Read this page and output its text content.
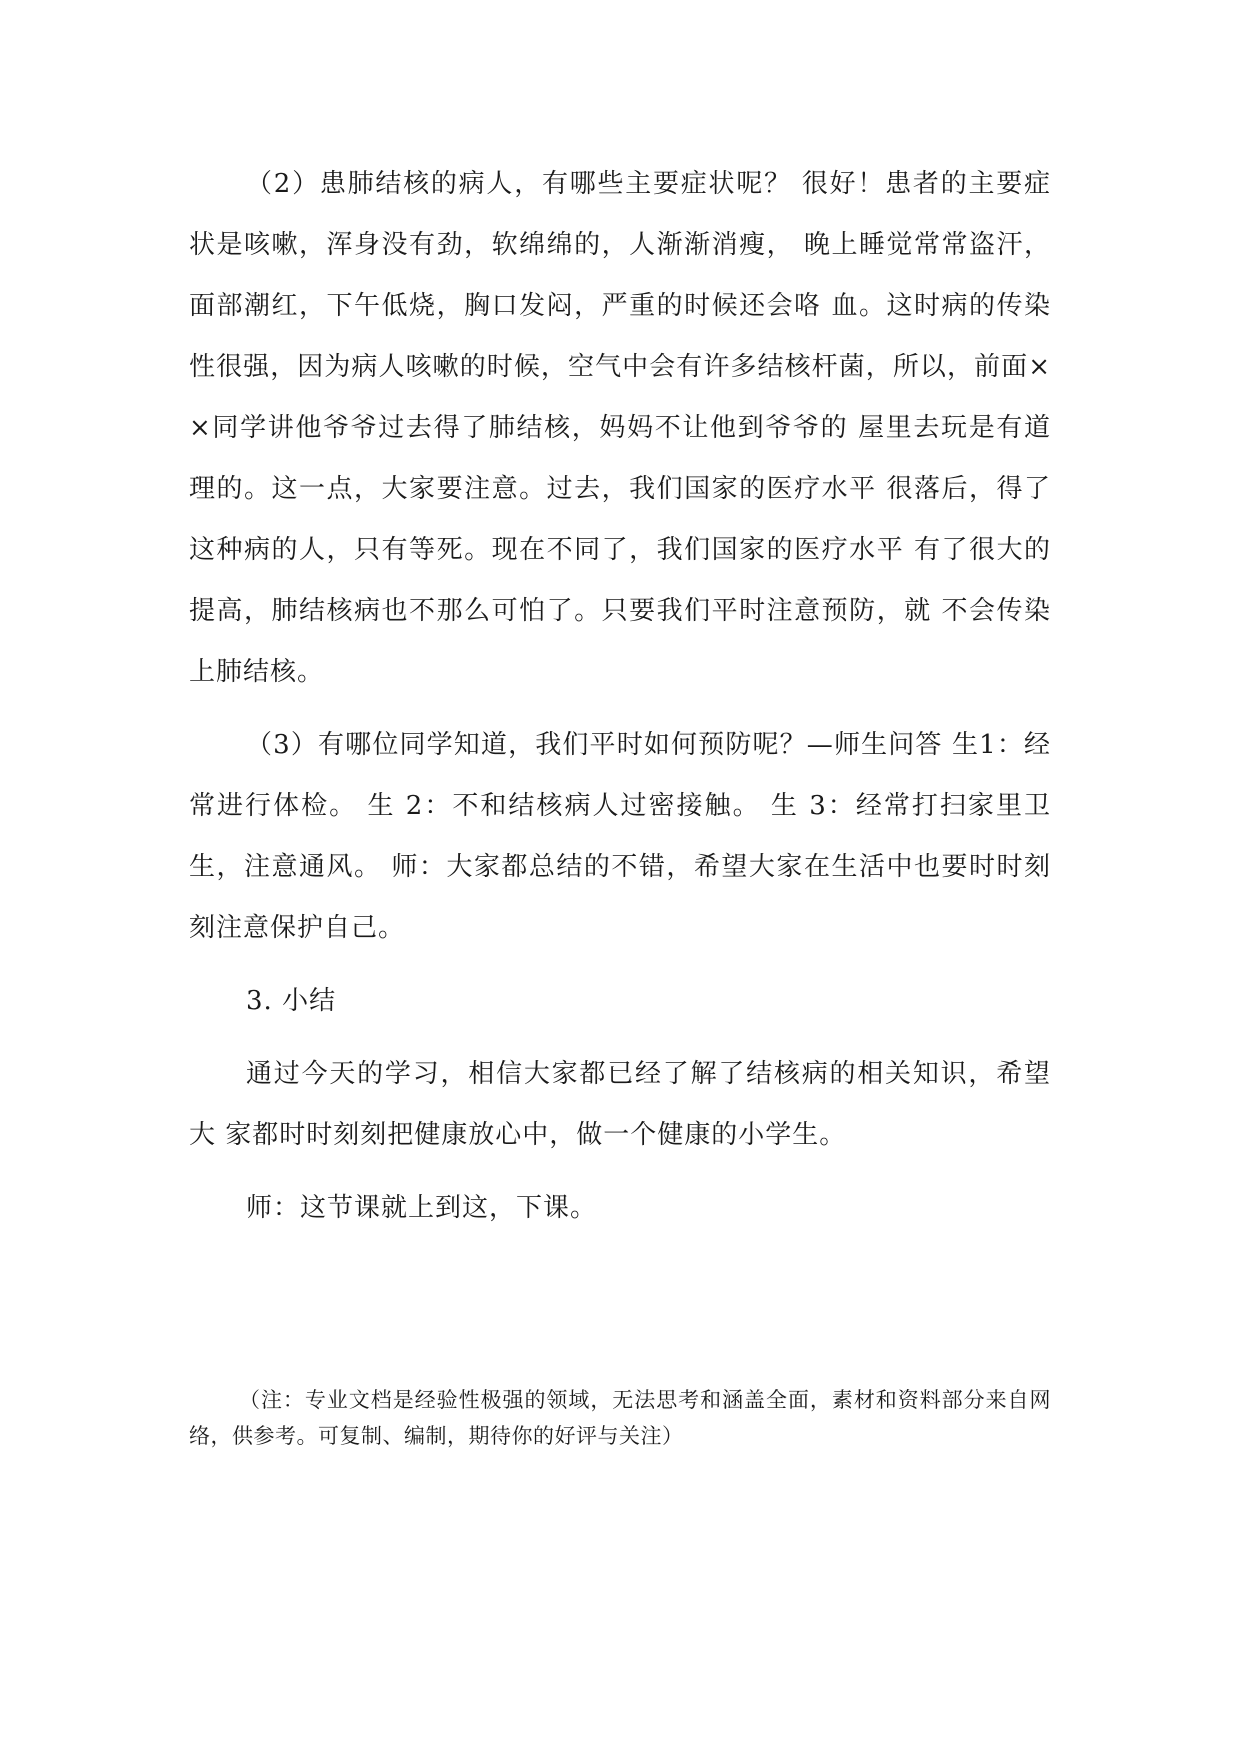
（2）患肺结核的病人，有哪些主要症状呢？ 很好！患者的主要症状是咳嗽，浑身没有劲，软绵绵的，人渐渐消瘦， 晚上睡觉常常盗汗，面部潮红，下午低烧，胸口发闷，严重的时候还会咯 血。这时病的传染性很强，因为病人咳嗽的时候，空气中会有许多结核杆菌，所以，前面××同学讲他爷爷过去得了肺结核，妈妈不让他到爷爷的 屋里去玩是有道理的。这一点，大家要注意。过去，我们国家的医疗水平 很落后，得了这种病的人，只有等死。现在不同了，我们国家的医疗水平 有了很大的提高，肺结核病也不那么可怕了。只要我们平时注意预防，就 不会传染上肺结核。

（3）有哪位同学知道，我们平时如何预防呢？—师生问答 生1：经常进行体检。 生 2：不和结核病人过密接触。 生 3：经常打扫家里卫生，注意通风。 师：大家都总结的不错，希望大家在生活中也要时时刻刻注意保护自己。

3. 小结

通过今天的学习，相信大家都已经了解了结核病的相关知识，希望大 家都时时刻刻把健康放心中，做一个健康的小学生。

师：这节课就上到这，下课。

（注：专业文档是经验性极强的领域，无法思考和涵盖全面，素材和资料部分来自网络，供参考。可复制、编制，期待你的好评与关注）
